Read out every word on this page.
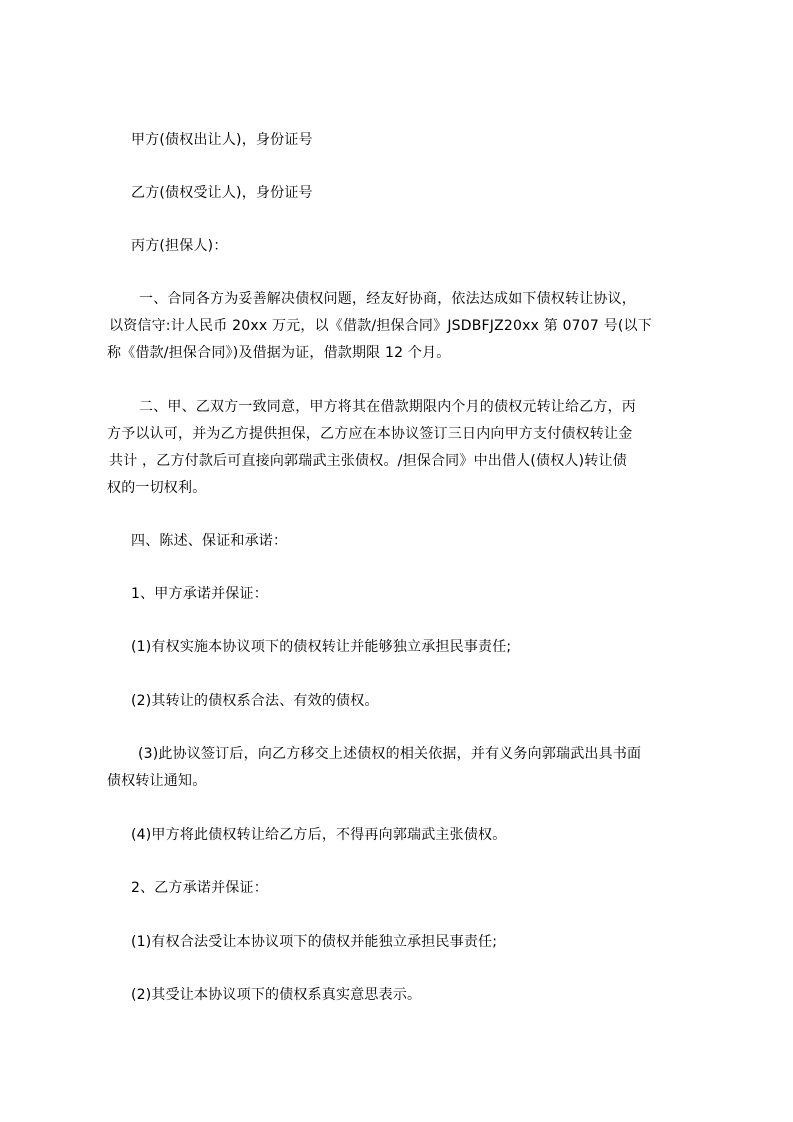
甲方(债权出让人)，身份证号
乙方(债权受让人)，身份证号
丙方(担保人)：
一、合同各方为妥善解决债权问题，经友好协商，依法达成如下债权转让协议，
以资信守:计人民币 20xx 万元，以《借款/担保合同》JSDBFJZ20xx 第 0707 号(以下
称《借款/担保合同》)及借据为证，借款期限 12 个月。
二、甲、乙双方一致同意，甲方将其在借款期限内个月的债权元转让给乙方，丙
方予以认可，并为乙方提供担保，乙方应在本协议签订三日内向甲方支付债权转让金
共计 ，乙方付款后可直接向郭瑞武主张债权。/担保合同》中出借人(债权人)转让债
权的一切权利。
四、陈述、保证和承诺：
1、甲方承诺并保证：
(1)有权实施本协议项下的债权转让并能够独立承担民事责任;
(2)其转让的债权系合法、有效的债权。
(3)此协议签订后，向乙方移交上述债权的相关依据，并有义务向郭瑞武出具书面
债权转让通知。
(4)甲方将此债权转让给乙方后，不得再向郭瑞武主张债权。
2、乙方承诺并保证：
(1)有权合法受让本协议项下的债权并能独立承担民事责任;
(2)其受让本协议项下的债权系真实意思表示。
